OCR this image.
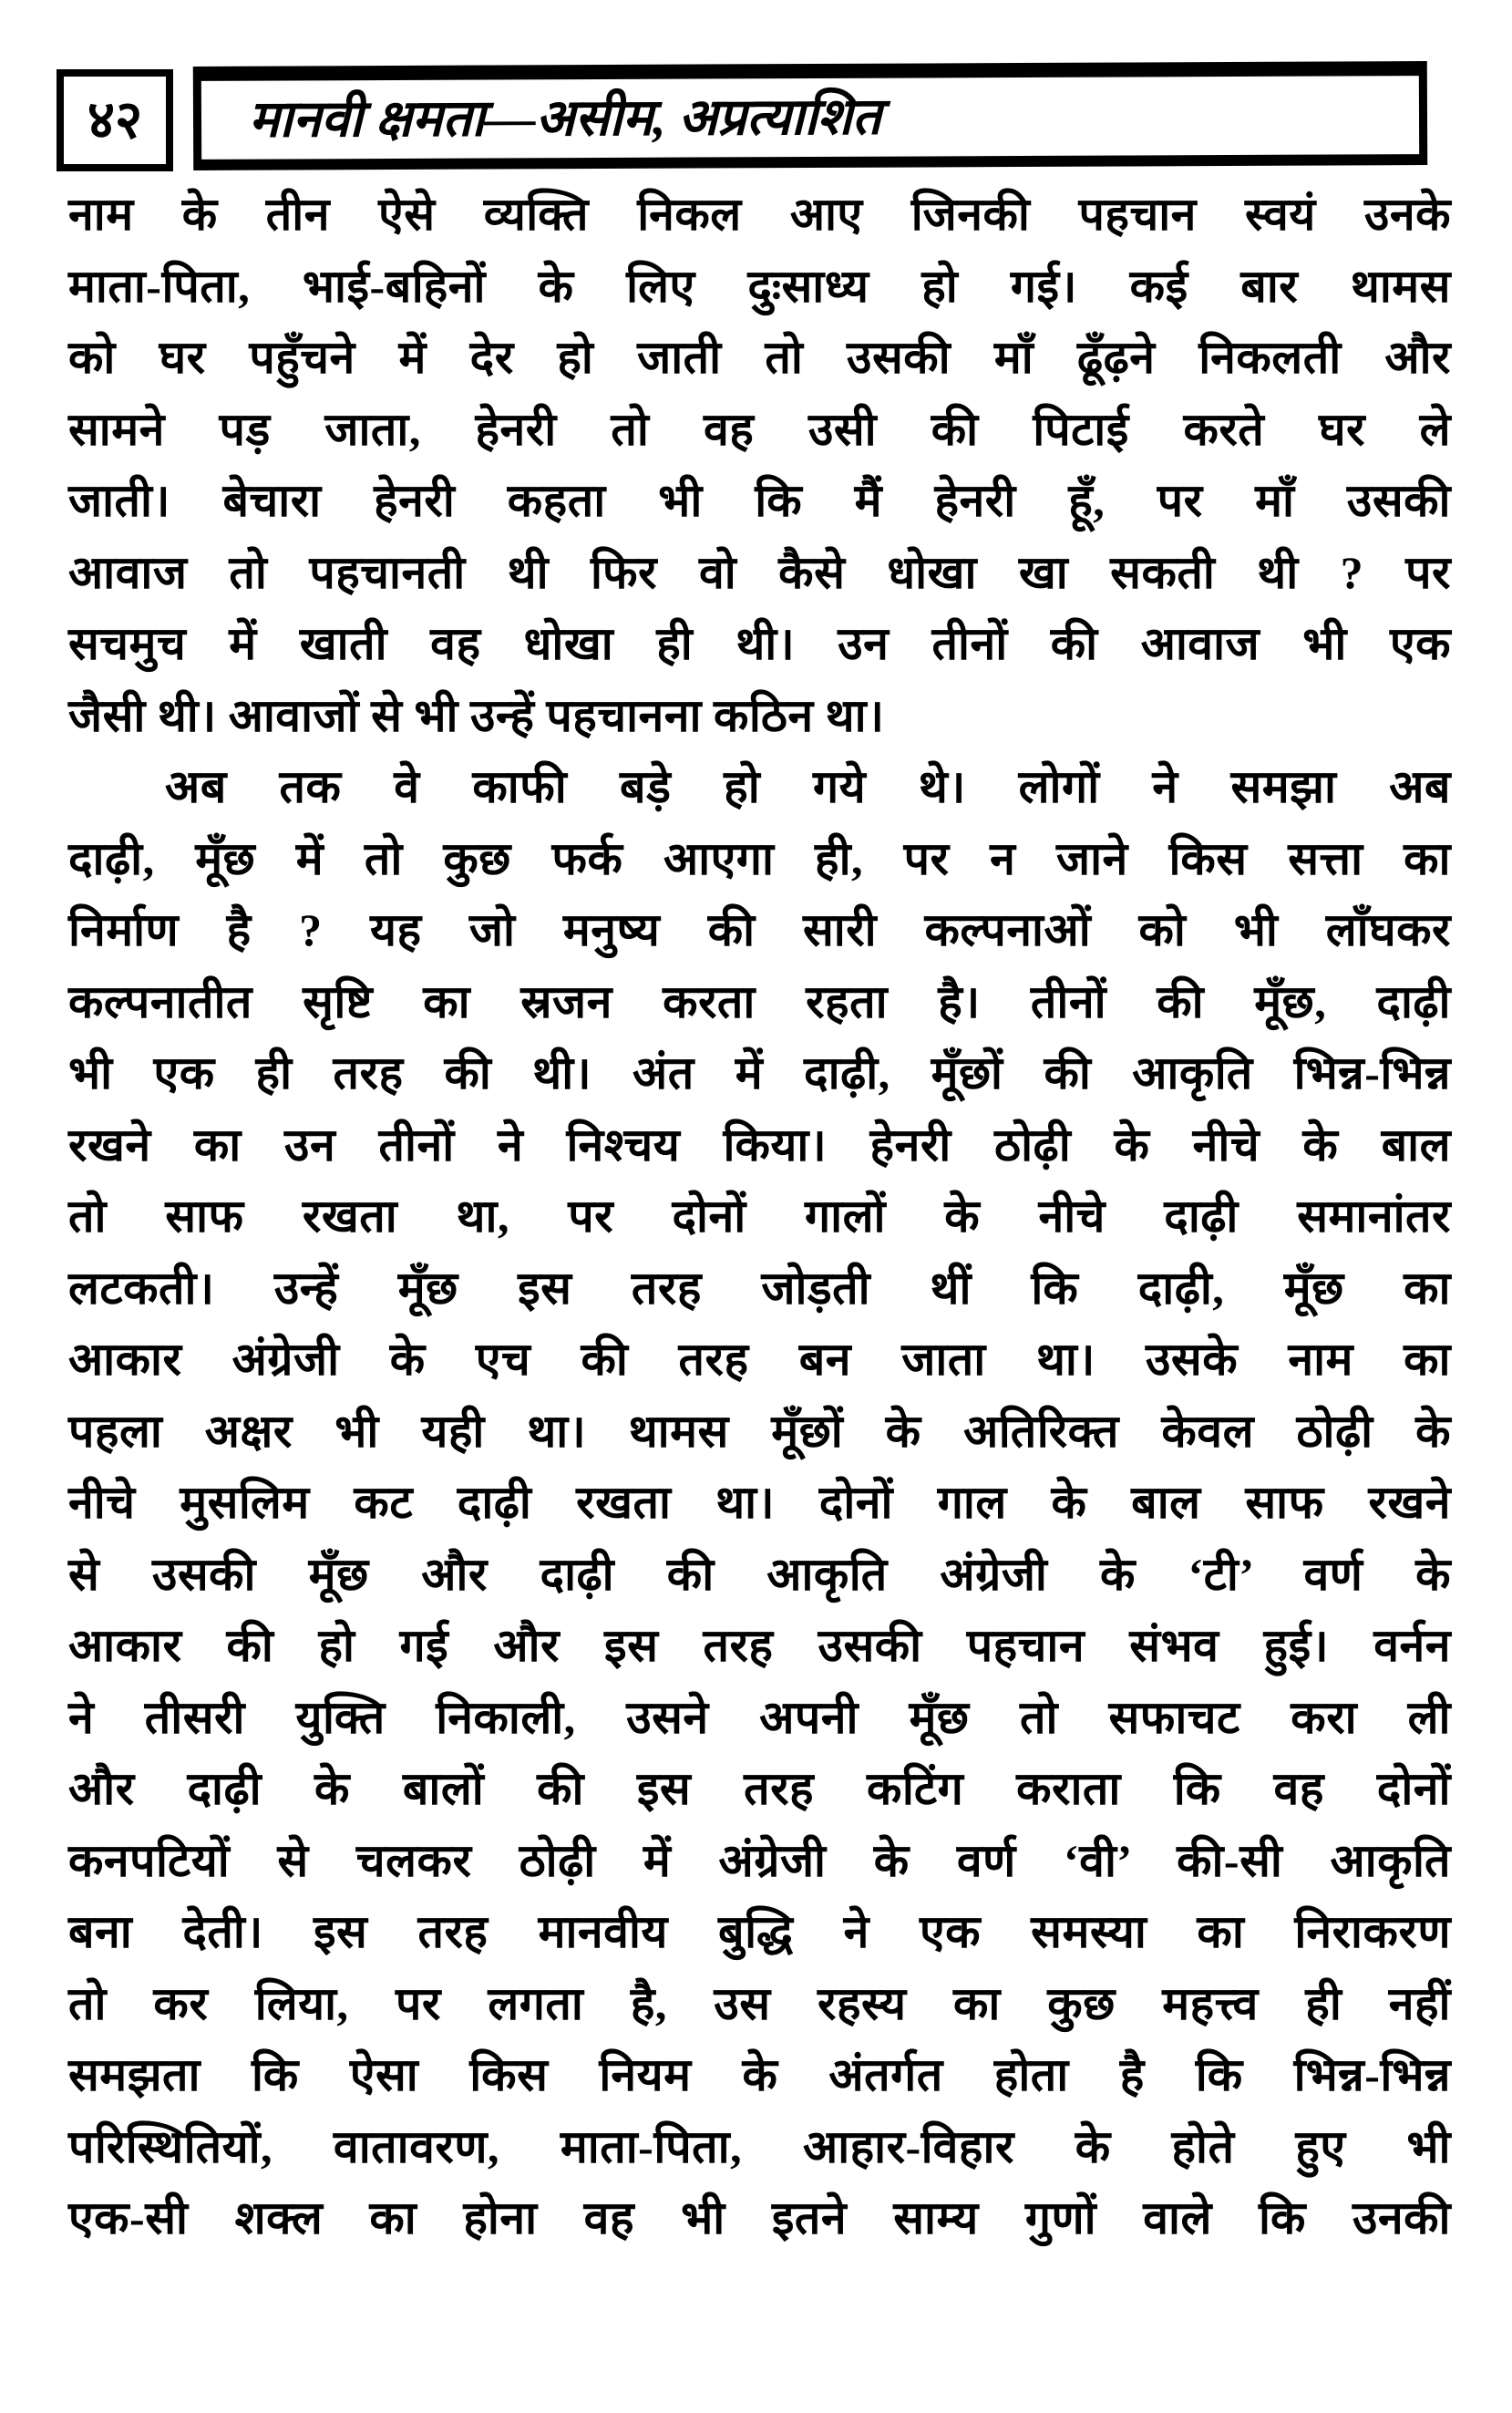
४२ मानवी क्षमता—असीम, अप्रत्याशित
नाम के तीन ऐसे व्यक्ति निकल आए जिनकी पहचान स्वयं उनके
माता-पिता, भाई-बहिनों के लिए दुःसाध्य हो गई। कई बार थामस
को घर पहुँचने में देर हो जाती तो उसकी माँ ढूँढ़ने निकलती और
सामने पड़ जाता, हेनरी तो वह उसी की पिटाई करते घर ले
जाती। बेचारा हेनरी कहता भी कि मैं हेनरी हूँ, पर माँ उसकी
आवाज तो पहचानती थी फिर वो कैसे धोखा खा सकती थी ? पर
सचमुच में खाती वह धोखा ही थी। उन तीनों की आवाज भी एक
जैसी थी। आवाजों से भी उन्हें पहचानना कठिन था।
अब तक वे काफी बड़े हो गये थे। लोगों ने समझा अब
दाढ़ी, मूँछ में तो कुछ फर्क आएगा ही, पर न जाने किस सत्ता का
निर्माण है ? यह जो मनुष्य की सारी कल्पनाओं को भी लाँघकर
कल्पनातीत सृष्टि का स्रजन करता रहता है। तीनों की मूँछ, दाढ़ी
भी एक ही तरह की थी। अंत में दाढ़ी, मूँछों की आकृति भिन्न-भिन्न
रखने का उन तीनों ने निश्चय किया। हेनरी ठोढ़ी के नीचे के बाल
तो साफ रखता था, पर दोनों गालों के नीचे दाढ़ी समानांतर
लटकती। उन्हें मूँछ इस तरह जोड़ती थीं कि दाढ़ी, मूँछ का
आकार अंग्रेजी के एच की तरह बन जाता था। उसके नाम का
पहला अक्षर भी यही था। थामस मूँछों के अतिरिक्त केवल ठोढ़ी के
नीचे मुसलिम कट दाढ़ी रखता था। दोनों गाल के बाल साफ रखने
से उसकी मूँछ और दाढ़ी की आकृति अंग्रेजी के ‘टी’ वर्ण के
आकार की हो गई और इस तरह उसकी पहचान संभव हुई। वर्नन
ने तीसरी युक्ति निकाली, उसने अपनी मूँछ तो सफाचट करा ली
और दाढ़ी के बालों की इस तरह कटिंग कराता कि वह दोनों
कनपटियों से चलकर ठोढ़ी में अंग्रेजी के वर्ण ‘वी’ की-सी आकृति
बना देती। इस तरह मानवीय बुद्धि ने एक समस्या का निराकरण
तो कर लिया, पर लगता है, उस रहस्य का कुछ महत्त्व ही नहीं
समझता कि ऐसा किस नियम के अंतर्गत होता है कि भिन्न-भिन्न
परिस्थितियों, वातावरण, माता-पिता, आहार-विहार के होते हुए भी
एक-सी शक्ल का होना वह भी इतने साम्य गुणों वाले कि उनकी
